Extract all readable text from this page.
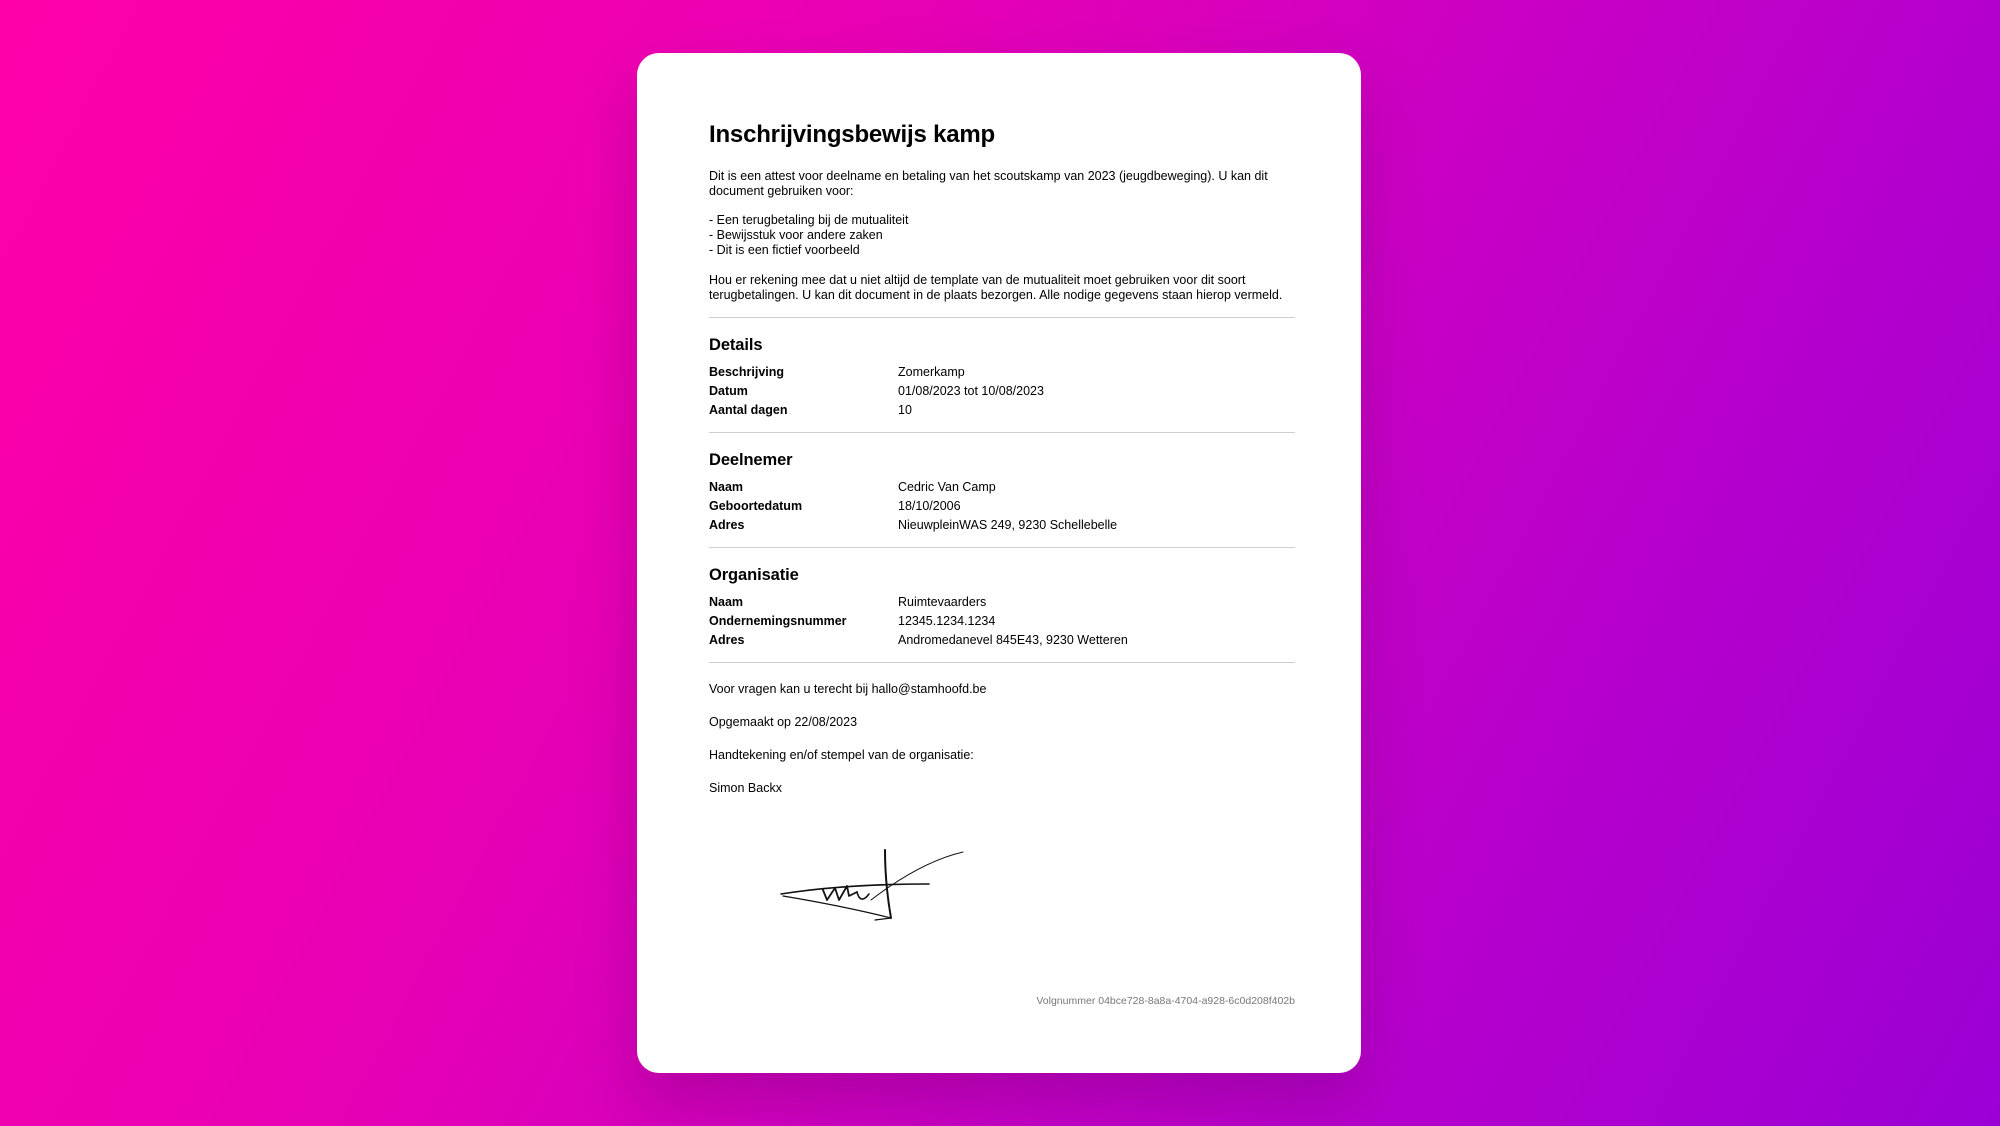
Inschrijvingsbewijs kamp

Dit is een attest voor deelname en betaling van het scoutskamp van 2023 (jeugdbeweging). U kan dit document gebruiken voor:

- Een terugbetaling bij de mutualiteit
- Bewijsstuk voor andere zaken
- Dit is een fictief voorbeeld

Hou er rekening mee dat u niet altijd de template van de mutualiteit moet gebruiken voor dit soort terugbetalingen. U kan dit document in de plaats bezorgen. Alle nodige gegevens staan hierop vermeld.

Details
Beschrijving	Zomerkamp
Datum	01/08/2023 tot 10/08/2023
Aantal dagen	10
Deelnemer
Naam	Cedric Van Camp
Geboortedatum	18/10/2006
Adres	NieuwpleinWAS 249, 9230 Schellebelle
Organisatie
Naam	Ruimtevaarders
Ondernemingsnummer	12345.1234.1234
Adres	Andromedanevel 845E43, 9230 Wetteren

Voor vragen kan u terecht bij hallo@stamhoofd.be

Opgemaakt op 22/08/2023

Handtekening en/of stempel van de organisatie:

Simon Backx

Volgnummer 04bce728-8a8a-4704-a928-6c0d208f402b
